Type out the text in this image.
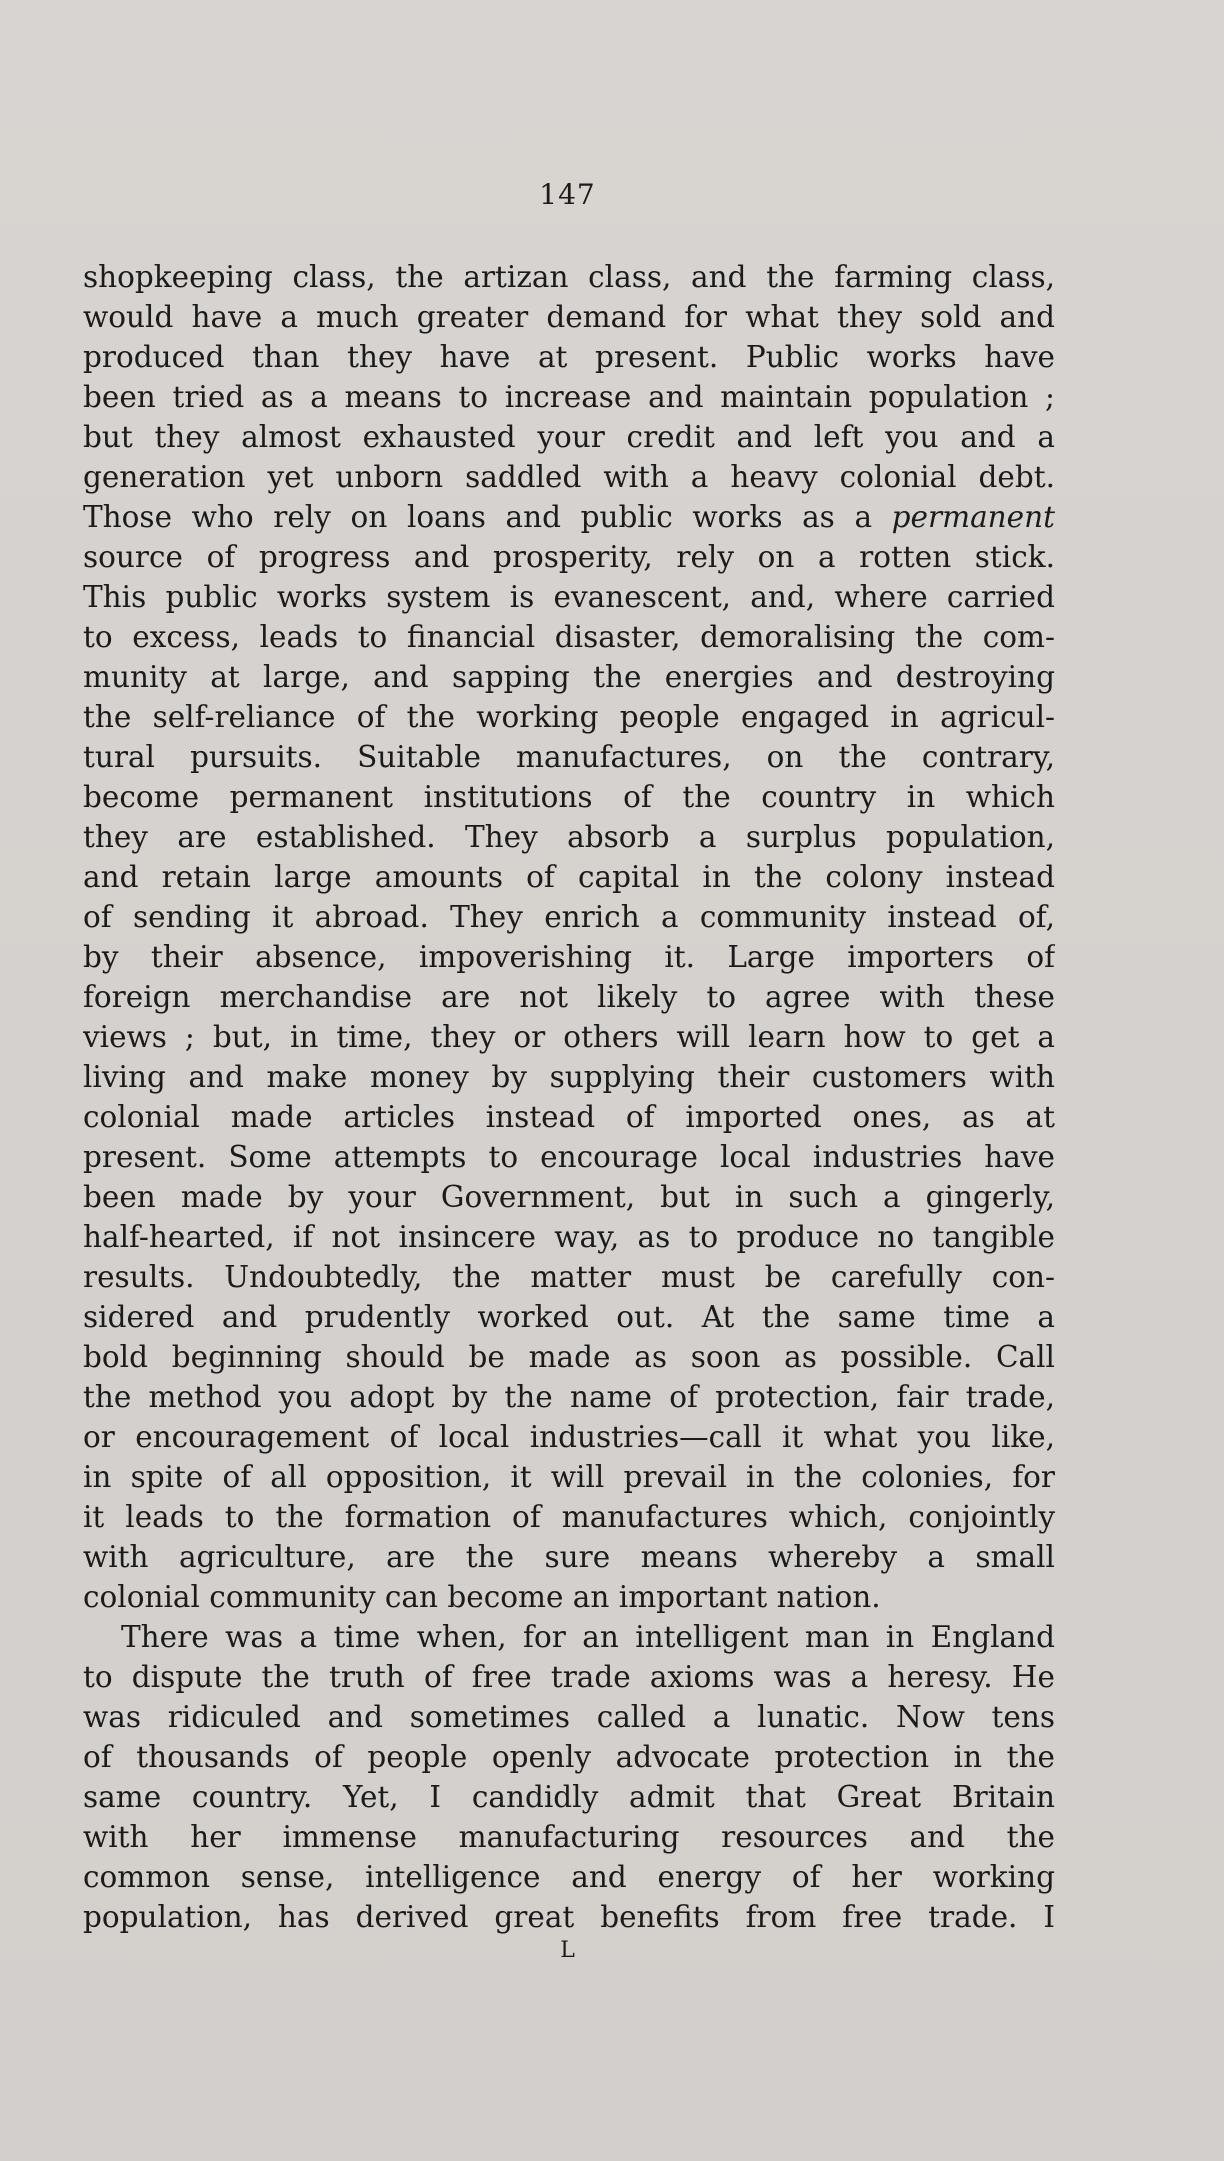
147
shopkeeping class, the artizan class, and the farming class,
would have a much greater demand for what they sold and
produced than they have at present. Public works have
been tried as a means to increase and maintain population ;
but they almost exhausted your credit and left you and a
generation yet unborn saddled with a heavy colonial debt.
Those who rely on loans and public works as a permanent
source of progress and prosperity, rely on a rotten stick.
This public works system is evanescent, and, where carried
to excess, leads to financial disaster, demoralising the com-
munity at large, and sapping the energies and destroying
the self-reliance of the working people engaged in agricul-
tural pursuits. Suitable manufactures, on the contrary,
become permanent institutions of the country in which
they are established. They absorb a surplus population,
and retain large amounts of capital in the colony instead
of sending it abroad. They enrich a community instead of,
by their absence, impoverishing it. Large importers of
foreign merchandise are not likely to agree with these
views ; but, in time, they or others will learn how to get a
living and make money by supplying their customers with
colonial made articles instead of imported ones, as at
present. Some attempts to encourage local industries have
been made by your Government, but in such a gingerly,
half-hearted, if not insincere way, as to produce no tangible
results. Undoubtedly, the matter must be carefully con-
sidered and prudently worked out. At the same time a
bold beginning should be made as soon as possible. Call
the method you adopt by the name of protection, fair trade,
or encouragement of local industries—call it what you like,
in spite of all opposition, it will prevail in the colonies, for
it leads to the formation of manufactures which, conjointly
with agriculture, are the sure means whereby a small
colonial community can become an important nation.
There was a time when, for an intelligent man in England
to dispute the truth of free trade axioms was a heresy. He
was ridiculed and sometimes called a lunatic. Now tens
of thousands of people openly advocate protection in the
same country. Yet, I candidly admit that Great Britain
with her immense manufacturing resources and the
common sense, intelligence and energy of her working
population, has derived great benefits from free trade. I
L
